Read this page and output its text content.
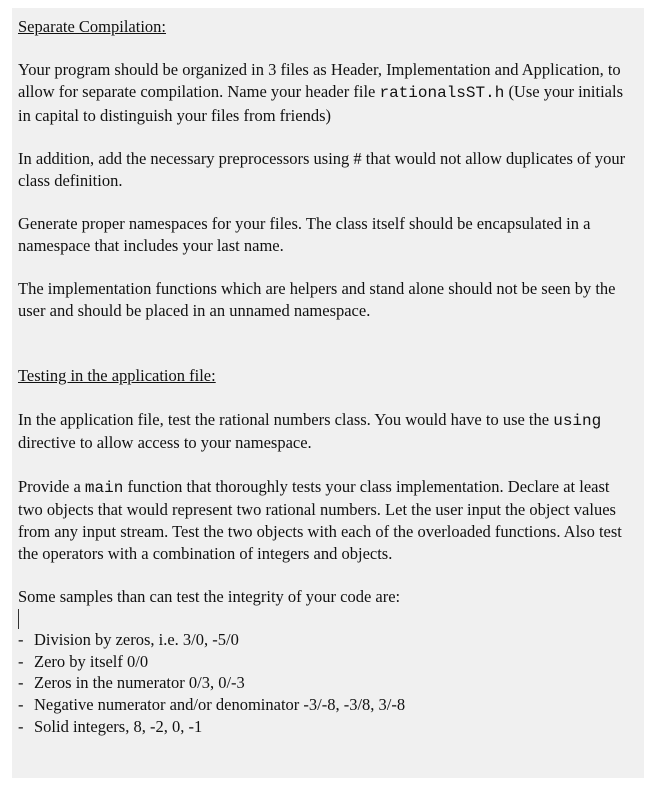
Separate Compilation:

Your program should be organized in 3 files as Header, Implementation and Application, to allow for separate compilation. Name your header file rationalsST.h (Use your initials in capital to distinguish your files from friends)

In addition, add the necessary preprocessors using # that would not allow duplicates of your class definition.

Generate proper namespaces for your files. The class itself should be encapsulated in a namespace that includes your last name.

The implementation functions which are helpers and stand alone should not be seen by the user and should be placed in an unnamed namespace.

Testing in the application file:

In the application file, test the rational numbers class. You would have to use the using directive to allow access to your namespace.

Provide a main function that thoroughly tests your class implementation. Declare at least two objects that would represent two rational numbers. Let the user input the object values from any input stream. Test the two objects with each of the overloaded functions. Also test the operators with a combination of integers and objects.

Some samples than can test the integrity of your code are:

- Division by zeros, i.e. 3/0, -5/0
- Zero by itself 0/0
- Zeros in the numerator 0/3, 0/-3
- Negative numerator and/or denominator -3/-8, -3/8, 3/-8
- Solid integers, 8, -2, 0, -1
